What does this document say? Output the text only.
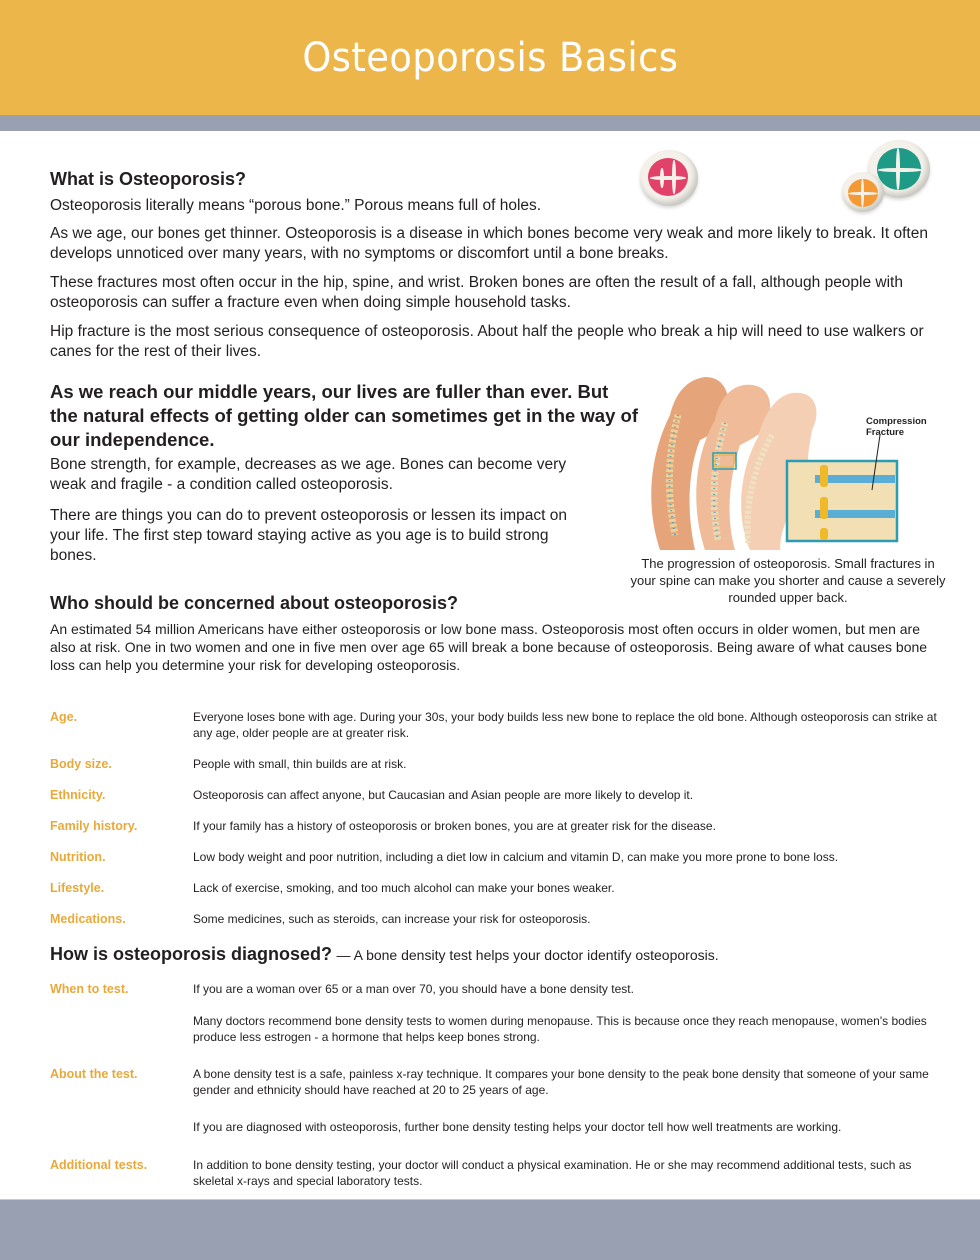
Osteoporosis Basics
What is Osteoporosis?
Osteoporosis literally means “porous bone.” Porous means full of holes.
As we age, our bones get thinner. Osteoporosis is a disease in which bones become very weak and more likely to break. It often develops unnoticed over many years, with no symptoms or discomfort until a bone breaks.
These fractures most often occur in the hip, spine, and wrist. Broken bones are often the result of a fall, although people with osteoporosis can suffer a fracture even when doing simple household tasks.
Hip fracture is the most serious consequence of osteoporosis. About half the people who break a hip will need to use walkers or canes for the rest of their lives.
As we reach our middle years, our lives are fuller than ever. But the natural effects of getting older can sometimes get in the way of our independence.
Bone strength, for example, decreases as we age. Bones can become very weak and fragile - a condition called osteoporosis.
There are things you can do to prevent osteoporosis or lessen its impact on your life. The first step toward staying active as you age is to build strong bones.
Compression Fracture
The progression of osteoporosis. Small fractures in your spine can make you shorter and cause a severely rounded upper back.
Who should be concerned about osteoporosis?
An estimated 54 million Americans have either osteoporosis or low bone mass. Osteoporosis most often occurs in older women, but men are also at risk. One in two women and one in five men over age 65 will break a bone because of osteoporosis. Being aware of what causes bone loss can help you determine your risk for developing osteoporosis.
Age.	Everyone loses bone with age. During your 30s, your body builds less new bone to replace the old bone. Although osteoporosis can strike at any age, older people are at greater risk.
Body size.	People with small, thin builds are at risk.
Ethnicity.	Osteoporosis can affect anyone, but Caucasian and Asian people are more likely to develop it.
Family history.	If your family has a history of osteoporosis or broken bones, you are at greater risk for the disease.
Nutrition.	Low body weight and poor nutrition, including a diet low in calcium and vitamin D, can make you more prone to bone loss.
Lifestyle.	Lack of exercise, smoking, and too much alcohol can make your bones weaker.
Medications.	Some medicines, such as steroids, can increase your risk for osteoporosis.
How is osteoporosis diagnosed? — A bone density test helps your doctor identify osteoporosis.
When to test.	If you are a woman over 65 or a man over 70, you should have a bone density test.
Many doctors recommend bone density tests to women during menopause. This is because once they reach menopause, women's bodies produce less estrogen - a hormone that helps keep bones strong.
About the test.	A bone density test is a safe, painless x-ray technique. It compares your bone density to the peak bone density that someone of your same gender and ethnicity should have reached at 20 to 25 years of age.
If you are diagnosed with osteoporosis, further bone density testing helps your doctor tell how well treatments are working.
Additional tests.	In addition to bone density testing, your doctor will conduct a physical examination. He or she may recommend additional tests, such as skeletal x-rays and special laboratory tests.
